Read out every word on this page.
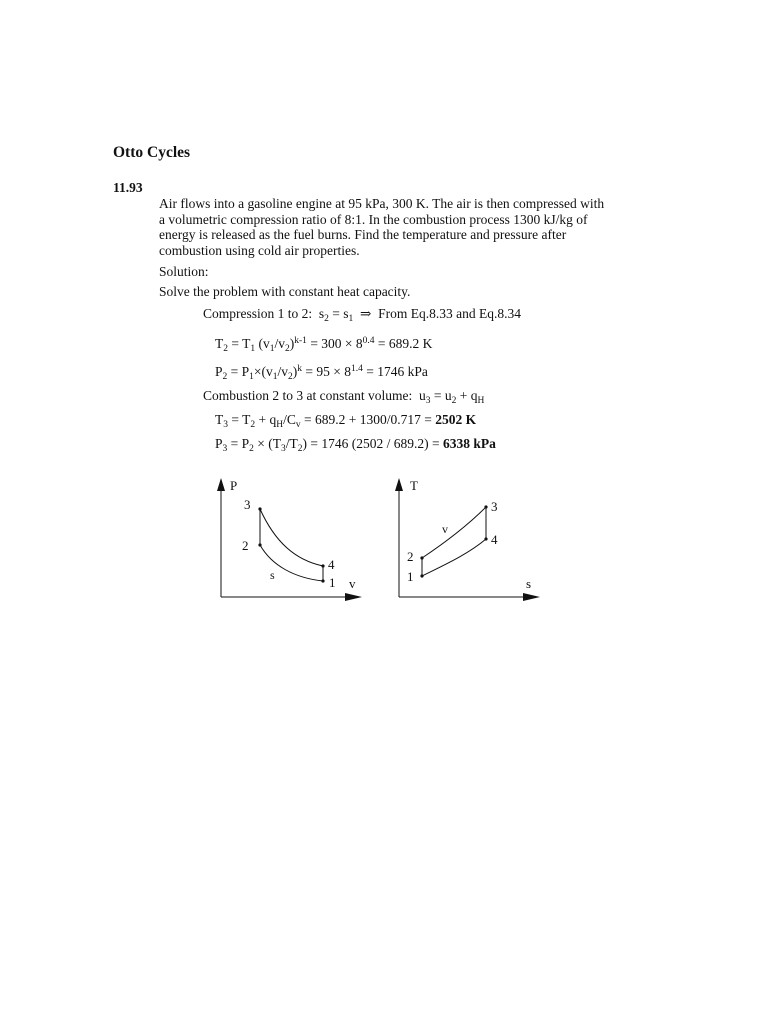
Otto Cycles
11.93
Air flows into a gasoline engine at 95 kPa, 300 K. The air is then compressed with
a volumetric compression ratio of 8:1. In the combustion process 1300 kJ/kg of
energy is released as the fuel burns. Find the temperature and pressure after
combustion using cold air properties.
Solution:
Solve the problem with constant heat capacity.
Compression 1 to 2: $s_2 = s_1$ ⇒ From Eq.8.33 and Eq.8.34
$T_2 = T_1$ $(v_1/v_2)^{k-1} = 300 \times 8^{0.4} = 689.2$ K
$P_2 = P_1\times(v_1/v_2)^k = 95 \times 8^{1.4} = 1746$ kPa
Combustion 2 to 3 at constant volume: $u_3 = u_2 + q_H$
$T_3 = T_2 + q_H/C_v = 689.2 + 1300/0.717 = 2502$ K
$P_3 = P_2 \times (T_3/T_2) = 1746$ (2502 / 689.2) = 6338 kPa
P
3
2
4
1
s
v
T
3
4
2
1
v
s
